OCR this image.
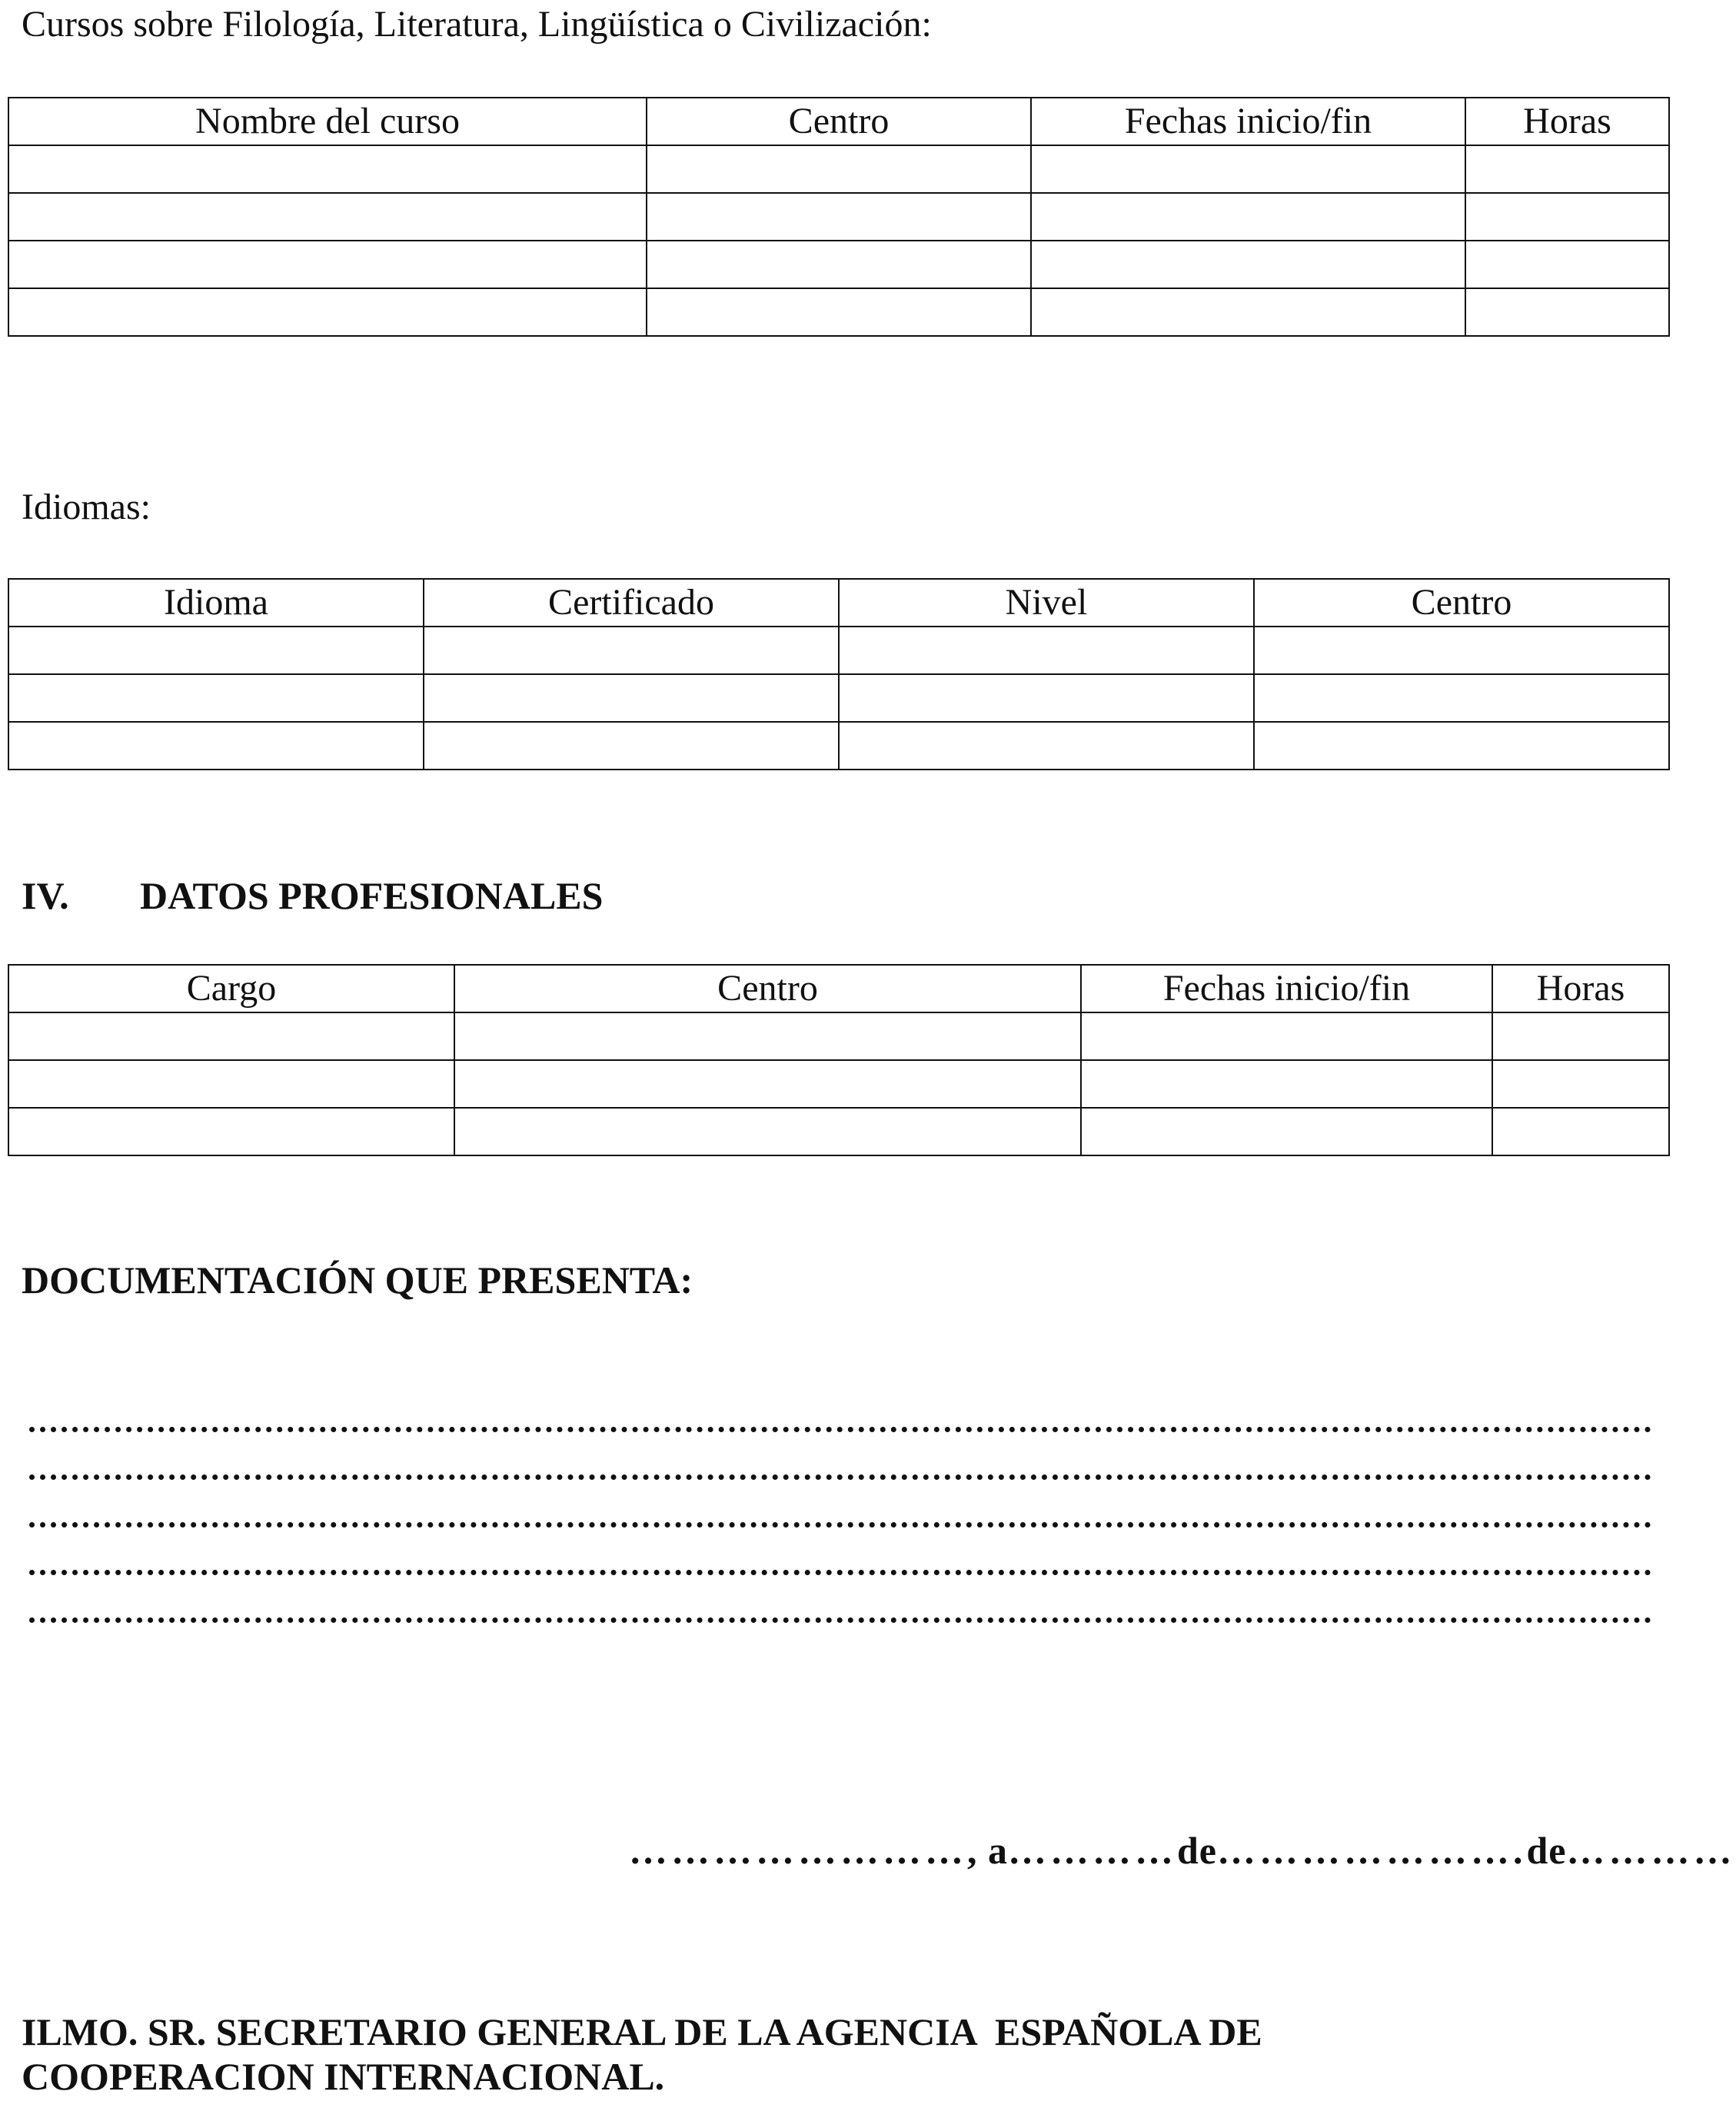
Cursos sobre Filología, Literatura, Lingüística o Civilización:
Nombre del curso	Centro	Fechas inicio/fin	Horas

Idiomas:
Idioma	Certificado	Nivel	Centro

IV. DATOS PROFESIONALES
Cargo	Centro	Fechas inicio/fin	Horas

DOCUMENTACIÓN QUE PRESENTA:
……………………, a…………de………………….de…………
ILMO. SR. SECRETARIO GENERAL DE LA AGENCIA  ESPAÑOLA DE
COOPERACION INTERNACIONAL.
